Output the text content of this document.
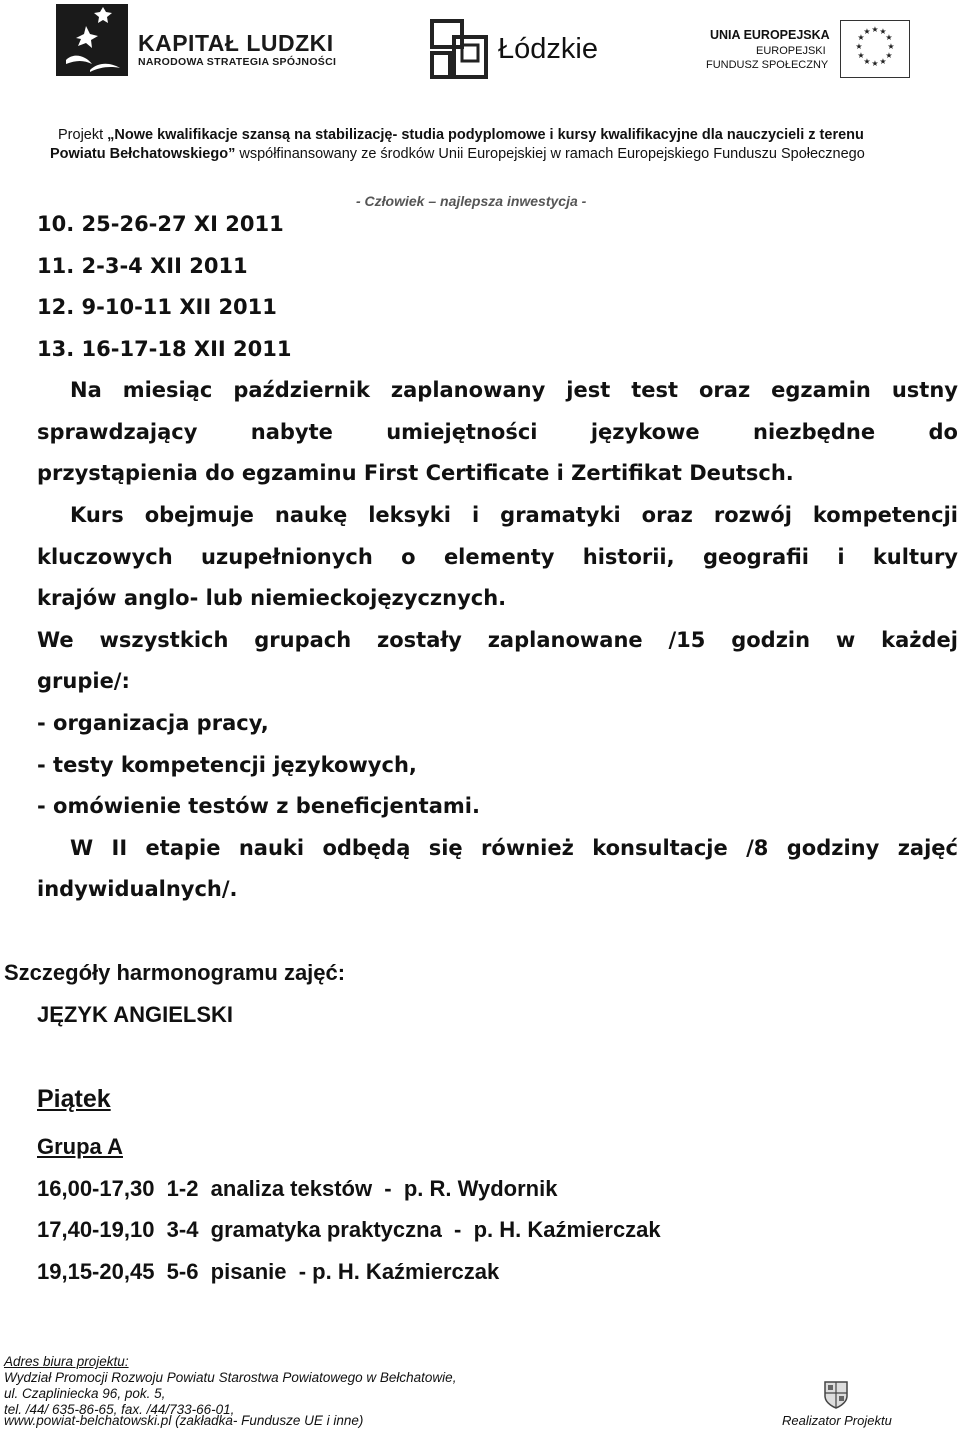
KAPITAŁ LUDZKI
NARODOWA STRATEGIA SPÓJNOŚCI	Łódzkie	UNIA EUROPEJSKA
EUROPEJSKI
FUNDUSZ SPOŁECZNY
★ ★
★
★
★
★
★
★
★
★
★
★
Projekt „Nowe kwalifikacje szansą na stabilizację- studia podyplomowe i kursy kwalifikacyjne dla nauczycieli z terenu
Powiatu Bełchatowskiego” współfinansowany ze środków Unii Europejskiej w ramach Europejskiego Funduszu Społecznego
- Człowiek – najlepsza inwestycja -
10. 25-26-27 XI 2011
11. 2-3-4 XII 2011
12. 9-10-11 XII 2011
13. 16-17-18 XII 2011
Na miesiąc październik zaplanowany jest test oraz egzamin ustny
sprawdzający	nabyte	umiejętności	językowe	niezbędne	do
przystąpienia do egzaminu First Certificate i Zertifikat Deutsch.
Kurs obejmuje naukę leksyki i gramatyki oraz rozwój kompetencji
kluczowych uzupełnionych o elementy historii, geografii i kultury
krajów anglo- lub niemieckojęzycznych.
We wszystkich grupach zostały zaplanowane /15 godzin w każdej
grupie/:
- organizacja pracy,
- testy kompetencji językowych,
- omówienie testów z beneficjentami.
W II etapie nauki odbędą się również konsultacje /8 godziny zajęć
indywidualnych/.
Szczegóły harmonogramu zajęć:
JĘZYK ANGIELSKI
Piątek
Grupa A
16,00-17,30  1-2  analiza tekstów  -  p. R. Wydornik
17,40-19,10  3-4  gramatyka praktyczna  -  p. H. Kaźmierczak
19,15-20,45  5-6  pisanie  - p. H. Kaźmierczak
Adres biura projektu:
Wydział Promocji Rozwoju Powiatu Starostwa Powiatowego w Bełchatowie,
ul. Czapliniecka 96, pok. 5,
tel. /44/ 635-86-65, fax. /44/733-66-01,
www.powiat-belchatowski.pl (zakładka- Fundusze UE i inne)	Realizator Projektu
